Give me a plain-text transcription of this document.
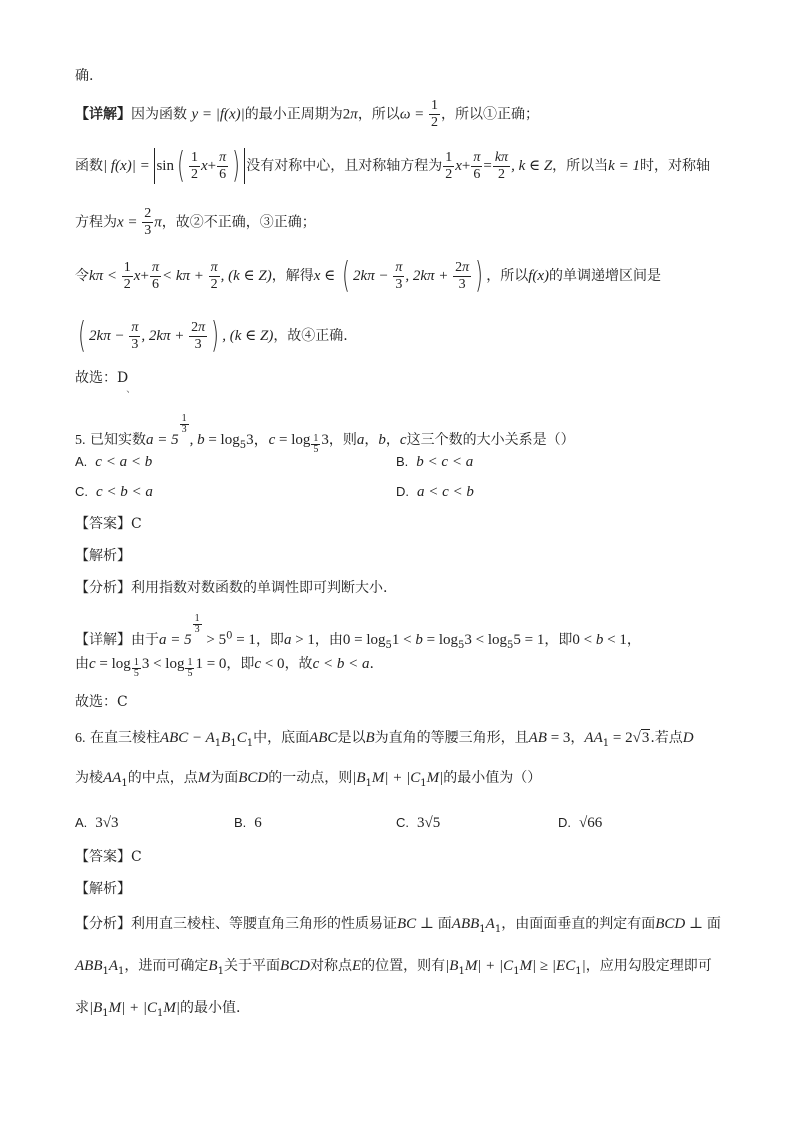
确.
【详解】因为函数 y = |f(x)|的最小正周期为2π，所以$\omega = \frac{1}{2}$ ，所以①正确；
函数| $f(x)| = \sin( \frac{1}{2} x+ \frac{\pi}{6}$ ) 没有对称中心，且对称轴方程为 $\frac{1}{2} x+ \frac{\pi}{6} = \frac{k\pi}{2}$ , k ∈ Z，所以当k = 1时，对称轴
方程为$x = \frac{2}{3}$ π，故②不正确，③正确；
令$k\pi < \frac{1}{2} x+ \frac{\pi}{6} < k\pi + \frac{\pi}{2}$ , (k ∈ Z)，解得x ∈ ( $2k\pi - \frac{\pi}{3}$ , $2k\pi + \frac{2\pi}{3}$ ) ，所以f(x)的单调递增区间是
( $2k\pi - \frac{\pi}{3}$ , $2k\pi + \frac{2\pi}{3}$ ) , (k ∈ Z)，故④正确.
故选：$D_、$
5. 已知实数a = 5
$^{\frac{1}{3}}$
, $b = \log_53$，c = log $_{\frac{1}{5}}$ 3，则a，b，c这三个数的大小关系是（）
A. c < a < b	B. b < c < a
C. c < b < a	D. a < c < b
【答案】C
【解析】
【分析】利用指数对数函数的单调性即可判断大小.
【详解】由于a = 5
$^{\frac{1}{3}}$
> $5^0 = 1$，即a > 1，由$0 = \log_51 < b = \log_53 < \log_55 = 1$，即0 < b < 1，
由c = log $_{\frac{1}{5}}$ 3 < log $_{\frac{1}{5}}$ 1 = 0，即c < 0，故c < b < a.
故选：C
6. 在直三棱柱ABC − $A_1B_1C_1$中，底面ABC是以B为直角的等腰三角形，且AB = 3，$AA_1 = 2√3$.若点D
为棱$AA_1$的中点，点M为面BCD的一动点，则$|B_1M| + |C_1M|$的最小值为（）
A. 3√3	B. 6	C. 3√5	D. √66
【答案】C
【解析】
【分析】利用直三棱柱、等腰直角三角形的性质易证BC ⊥ 面$ABB_1A_1$，由面面垂直的判定有面BCD ⊥ 面
$ABB_1A_1$，进而可确定$B_1$关于平面BCD对称点E的位置，则有$|B_1M| + |C_1M| \ge |EC_1|$，应用勾股定理即可
求$|B_1M| + |C_1M|$的最小值.
